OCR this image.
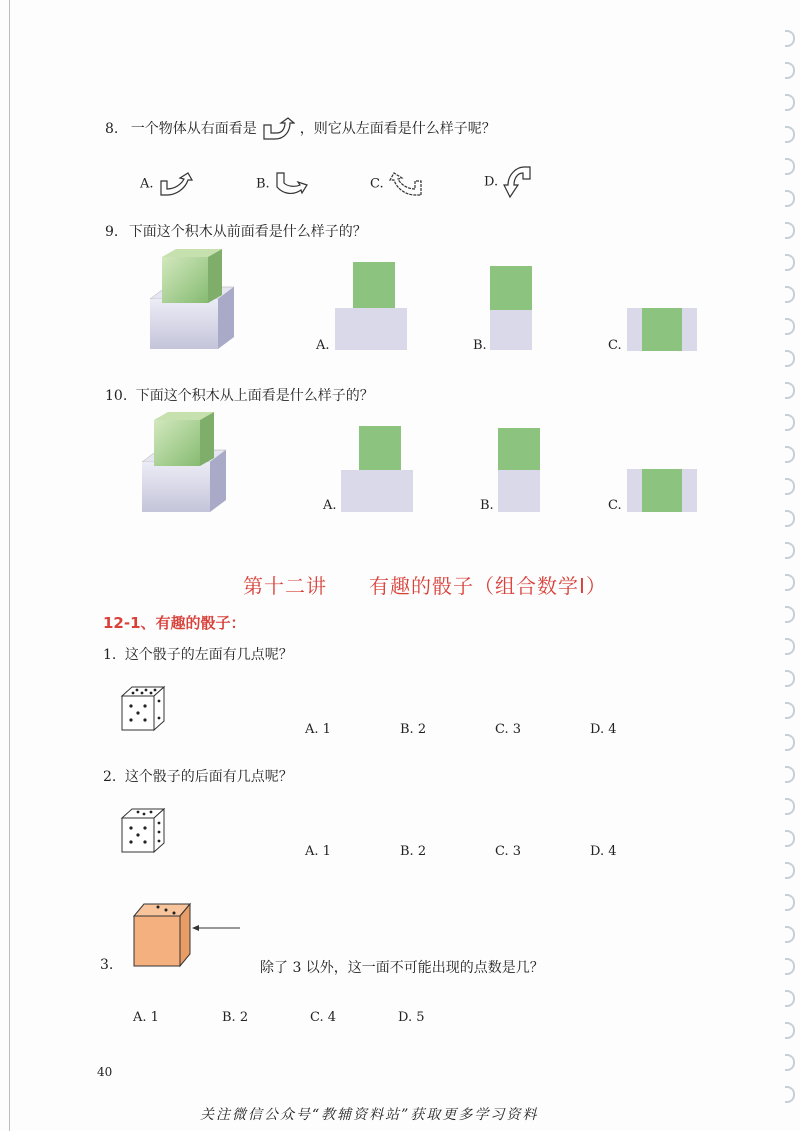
8. 一个物体从右面看是	，则它从左面看是什么样子呢？
A.	B.	C.	D.
9. 下面这个积木从前面看是什么样子的？
A.	B.	C.
10. 下面这个积木从上面看是什么样子的？
A.	B.	C.
第十二讲　　有趣的骰子（组合数学Ⅰ）
12-1、有趣的骰子：
1. 这个骰子的左面有几点呢？
A. 1	B. 2	C. 3	D. 4
2. 这个骰子的后面有几点呢？
A. 1	B. 2	C. 3	D. 4
3.	除了 3 以外，这一面不可能出现的点数是几？
A. 1	B. 2	C. 4	D. 5
40
关注微信公众号“教辅资料站”获取更多学习资料
